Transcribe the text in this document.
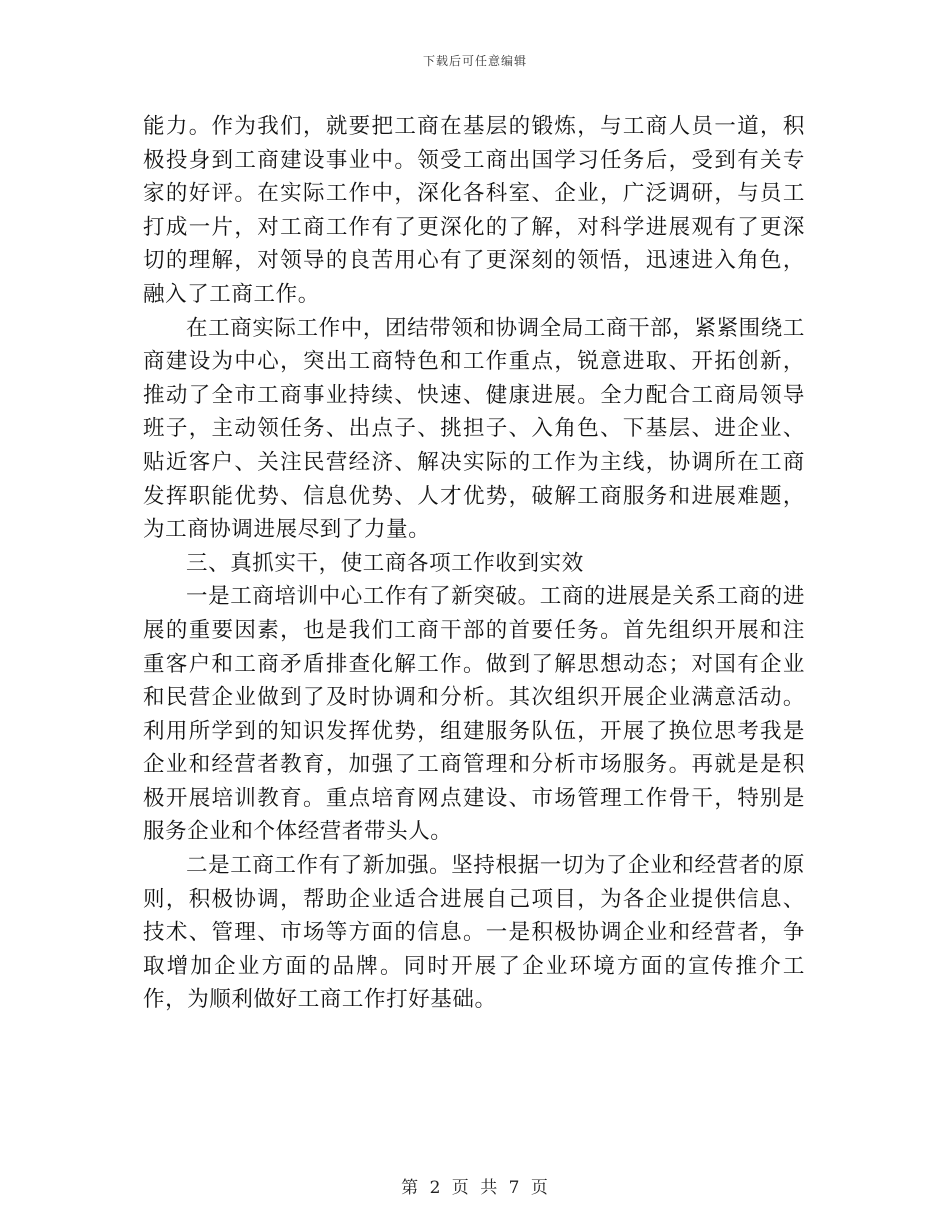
下载后可任意编辑

能力。作为我们，就要把工商在基层的锻炼，与工商人员一道，积极投身到工商建设事业中。领受工商出国学习任务后，受到有关专家的好评。在实际工作中，深化各科室、企业，广泛调研，与员工打成一片，对工商工作有了更深化的了解，对科学进展观有了更深切的理解，对领导的良苦用心有了更深刻的领悟，迅速进入角色，融入了工商工作。

在工商实际工作中，团结带领和协调全局工商干部，紧紧围绕工商建设为中心，突出工商特色和工作重点，锐意进取、开拓创新，推动了全市工商事业持续、快速、健康进展。全力配合工商局领导班子，主动领任务、出点子、挑担子、入角色、下基层、进企业、贴近客户、关注民营经济、解决实际的工作为主线，协调所在工商发挥职能优势、信息优势、人才优势，破解工商服务和进展难题，为工商协调进展尽到了力量。

三、真抓实干，使工商各项工作收到实效

一是工商培训中心工作有了新突破。工商的进展是关系工商的进展的重要因素，也是我们工商干部的首要任务。首先组织开展和注重客户和工商矛盾排查化解工作。做到了解思想动态；对国有企业和民营企业做到了及时协调和分析。其次组织开展企业满意活动。利用所学到的知识发挥优势，组建服务队伍，开展了换位思考我是企业和经营者教育，加强了工商管理和分析市场服务。再就是是积极开展培训教育。重点培育网点建设、市场管理工作骨干，特别是服务企业和个体经营者带头人。

二是工商工作有了新加强。坚持根据一切为了企业和经营者的原则，积极协调，帮助企业适合进展自己项目，为各企业提供信息、技术、管理、市场等方面的信息。一是积极协调企业和经营者，争取增加企业方面的品牌。同时开展了企业环境方面的宣传推介工作，为顺利做好工商工作打好基础。

第 2 页 共 7 页
